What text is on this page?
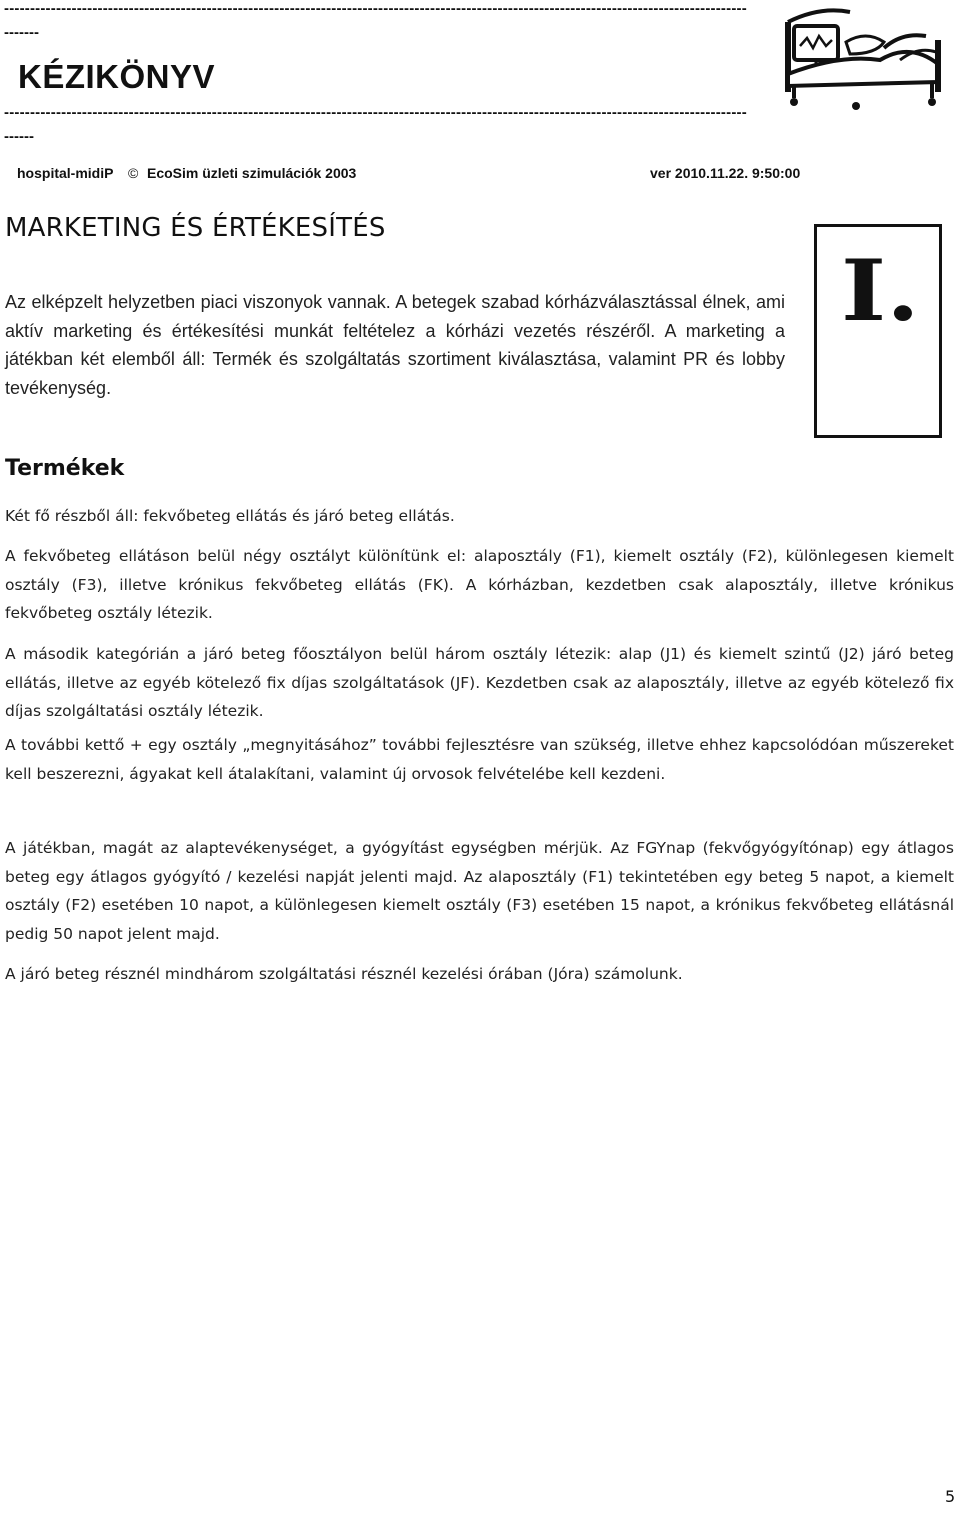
-----------------------------------------------------------------------------------------------------------------------------------------------
-------
KÉZIKÖNYV
-----------------------------------------------------------------------------------------------------------------------------------------------
------
hospital-midiP © EcoSim üzleti szimulációk 2003	ver 2010.11.22. 9:50:00
MARKETING ÉS ÉRTÉKESÍTÉS
I.
Az elképzelt helyzetben piaci viszonyok vannak. A betegek szabad kórházválasztással élnek, ami aktív marketing és értékesítési munkát feltételez a kórházi vezetés részéről. A marketing a játékban két elemből áll: Termék és szolgáltatás szortiment kiválasztása, valamint PR és lobby tevékenység.
Termékek

Két fő részből áll: fekvőbeteg ellátás és járó beteg ellátás.

A fekvőbeteg ellátáson belül négy osztályt különítünk el: alaposztály (F1), kiemelt osztály (F2), különlegesen kiemelt osztály (F3), illetve krónikus fekvőbeteg ellátás (FK). A kórházban, kezdetben csak alaposztály, illetve krónikus fekvőbeteg osztály létezik.

A második kategórián a járó beteg főosztályon belül három osztály létezik: alap (J1) és kiemelt szintű (J2) járó beteg ellátás, illetve az egyéb kötelező fix díjas szolgáltatások (JF). Kezdetben csak az alaposztály, illetve az egyéb kötelező fix díjas szolgáltatási osztály létezik.

A további kettő + egy osztály „megnyitásához” további fejlesztésre van szükség, illetve ehhez kapcsolódóan műszereket kell beszerezni, ágyakat kell átalakítani, valamint új orvosok felvételébe kell kezdeni.

A játékban, magát az alaptevékenységet, a gyógyítást egységben mérjük. Az FGYnap (fekvőgyógyítónap) egy átlagos beteg egy átlagos gyógyító / kezelési napját jelenti majd. Az alaposztály (F1) tekintetében egy beteg 5 napot, a kiemelt osztály (F2) esetében 10 napot, a különlegesen kiemelt osztály (F3) esetében 15 napot, a krónikus fekvőbeteg ellátásnál pedig 50 napot jelent majd.

A járó beteg résznél mindhárom szolgáltatási résznél kezelési órában (Jóra) számolunk.

5
